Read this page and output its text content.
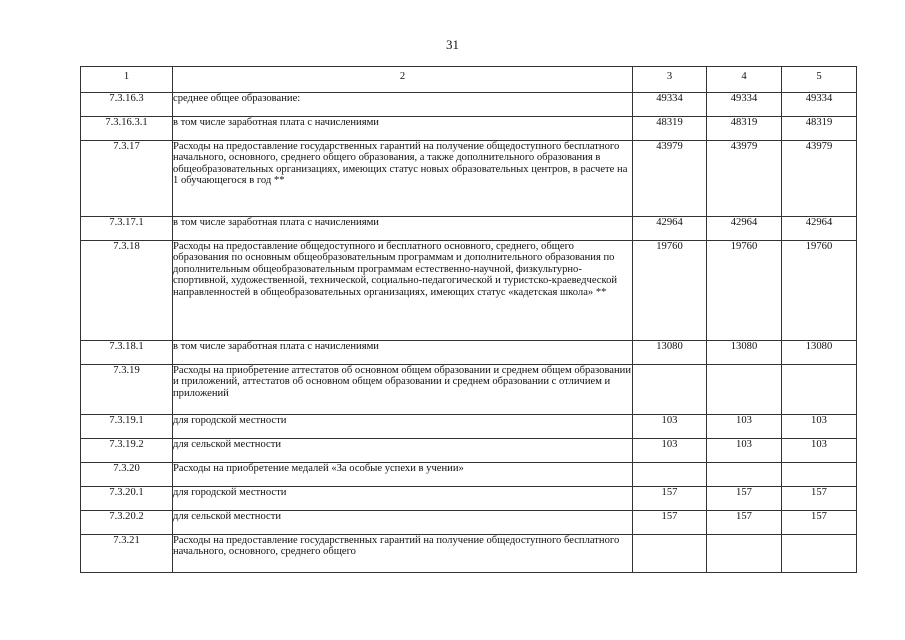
31
1	2	3	4	5
7.3.16.3	среднее общее образование:	49334	49334	49334
7.3.16.3.1	в том числе заработная плата с начислениями	48319	48319	48319
7.3.17	Расходы на предоставление государственных гарантий на получение общедоступного бесплатного начального, основного, среднего общего образования, а также дополнительного образования в общеобразовательных организациях, имеющих статус новых образовательных центров, в расчете на 1 обучающегося в год **	43979	43979	43979
7.3.17.1	в том числе заработная плата с начислениями	42964	42964	42964
7.3.18	Расходы на предоставление общедоступного и бесплатного основного, среднего, общего образования по основным общеобразовательным программам и дополнительного образования по дополнительным общеобразовательным программам естественно-научной, физкультурно-спортивной, художественной, технической, социально-педагогической и туристско-краеведческой направленностей в общеобразовательных организациях, имеющих статус «кадетская школа» **	19760	19760	19760
7.3.18.1	в том числе заработная плата с начислениями	13080	13080	13080
7.3.19	Расходы на приобретение аттестатов об основном общем образовании и среднем общем образовании и приложений, аттестатов об основном общем образовании и среднем образовании с отличием и приложений			
7.3.19.1	для городской местности	103	103	103
7.3.19.2	для сельской местности	103	103	103
7.3.20	Расходы на приобретение медалей «За особые успехи в учении»			
7.3.20.1	для городской местности	157	157	157
7.3.20.2	для сельской местности	157	157	157
7.3.21	Расходы на предоставление государственных гарантий на получение общедоступного бесплатного начального, основного, среднего общего			
